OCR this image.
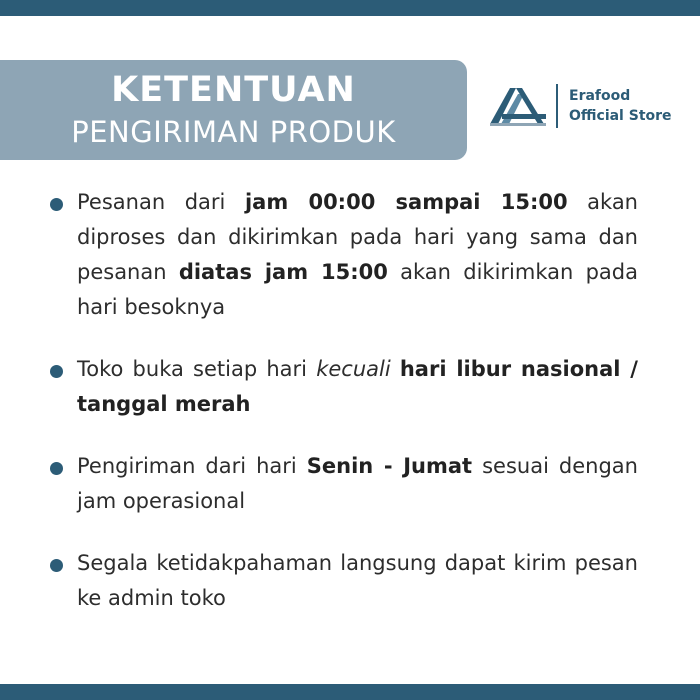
KETENTUAN
PENGIRIMAN PRODUK
Erafood
Official Store
Pesanan dari jam 00:00 sampai 15:00 akan diproses dan dikirimkan pada hari yang sama dan pesanan diatas jam 15:00 akan dikirimkan pada hari besoknya
Toko buka setiap hari kecuali hari libur nasional / tanggal merah
Pengiriman dari hari Senin - Jumat sesuai dengan jam operasional
Segala ketidakpahaman langsung dapat kirim pesan ke admin toko
